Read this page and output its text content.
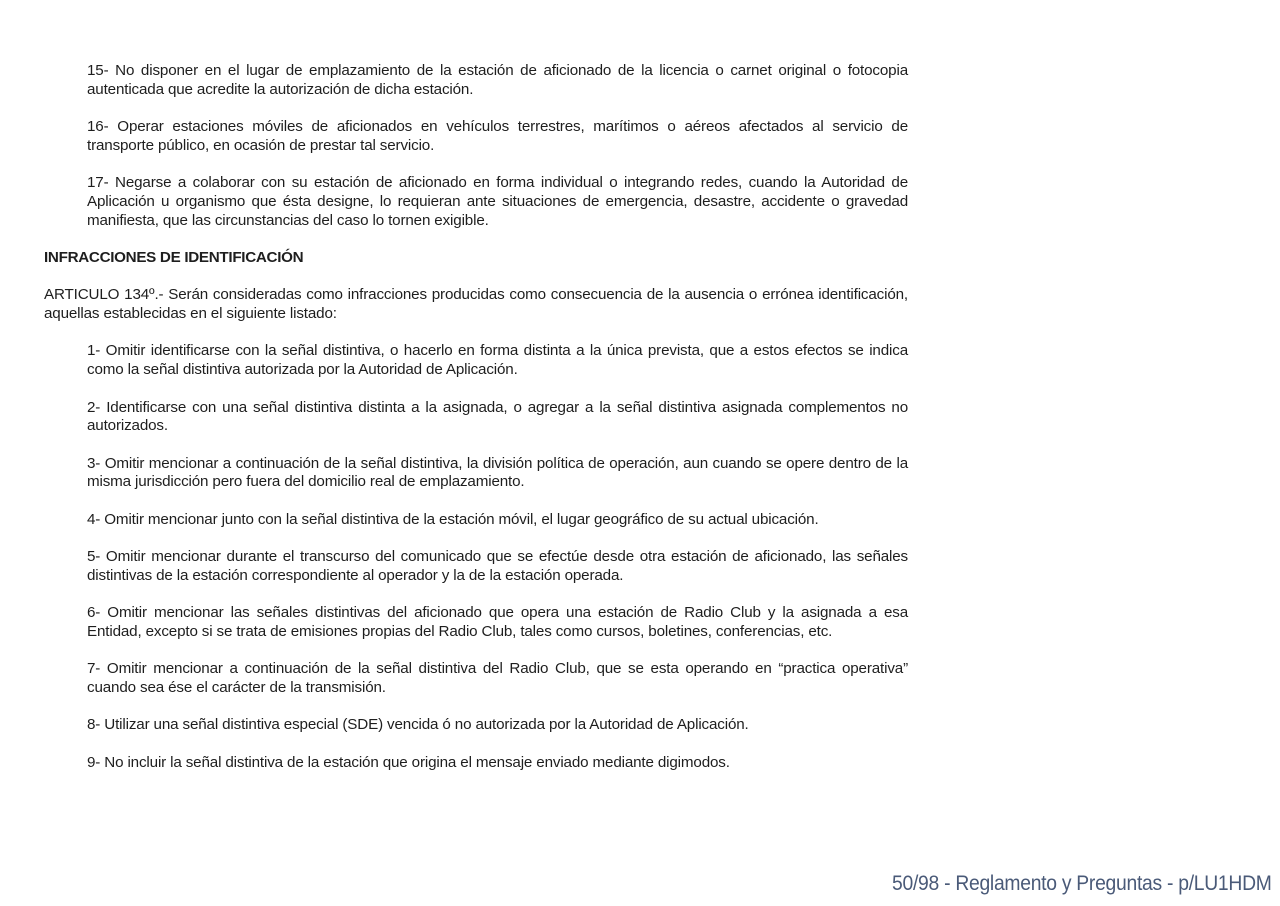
15- No disponer en el lugar de emplazamiento de la estación de aficionado de la licencia o carnet original o fotocopia autenticada que acredite la autorización de dicha estación.

16- Operar estaciones móviles de aficionados en vehículos terrestres, marítimos o aéreos afectados al servicio de transporte público, en ocasión de prestar tal servicio.

17- Negarse a colaborar con su estación de aficionado en forma individual o integrando redes, cuando la Autoridad de Aplicación u organismo que ésta designe, lo requieran ante situaciones de emergencia, desastre, accidente o gravedad manifiesta, que las circunstancias del caso lo tornen exigible.

INFRACCIONES DE IDENTIFICACIÓN

ARTICULO 134º.- Serán consideradas como infracciones producidas como consecuencia de la ausencia o errónea identificación, aquellas establecidas en el siguiente listado:

1- Omitir identificarse con la señal distintiva, o hacerlo en forma distinta a la única prevista, que a estos efectos se indica como la señal distintiva autorizada por la Autoridad de Aplicación.

2- Identificarse con una señal distintiva distinta a la asignada, o agregar a la señal distintiva asignada complementos no autorizados.

3- Omitir mencionar a continuación de la señal distintiva, la división política de operación, aun cuando se opere dentro de la misma jurisdicción pero fuera del domicilio real de emplazamiento.

4- Omitir mencionar junto con la señal distintiva de la estación móvil, el lugar geográfico de su actual ubicación.

5- Omitir mencionar durante el transcurso del comunicado que se efectúe desde otra estación de aficionado, las señales distintivas de la estación correspondiente al operador y la de la estación operada.

6- Omitir mencionar las señales distintivas del aficionado que opera una estación de Radio Club y la asignada a esa Entidad, excepto si se trata de emisiones propias del Radio Club, tales como cursos, boletines, conferencias, etc.

7- Omitir mencionar a continuación de la señal distintiva del Radio Club, que se esta operando en “practica operativa” cuando sea ése el carácter de la transmisión.

8- Utilizar una señal distintiva especial (SDE) vencida ó no autorizada por la Autoridad de Aplicación.

9- No incluir la señal distintiva de la estación que origina el mensaje enviado mediante digimodos.

50/98 - Reglamento y Preguntas - p/LU1HDM
